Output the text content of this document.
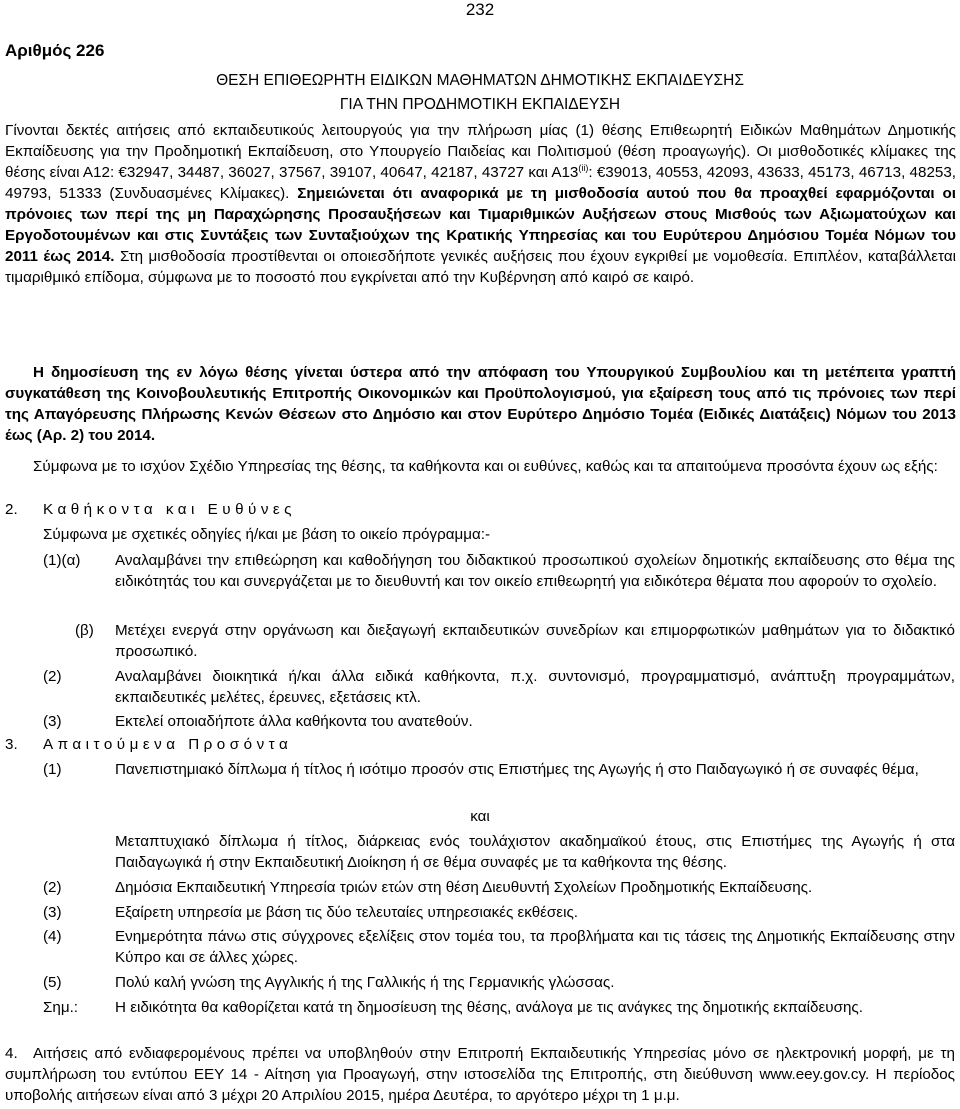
232
Αριθμός 226
ΘΕΣΗ ΕΠΙΘΕΩΡΗΤΗ ΕΙΔΙΚΩΝ ΜΑΘΗΜΑΤΩΝ ΔΗΜΟΤΙΚΗΣ ΕΚΠΑΙΔΕΥΣΗΣ
ΓΙΑ ΤΗΝ ΠΡΟΔΗΜΟΤΙΚΗ ΕΚΠΑΙΔΕΥΣΗ
Γίνονται δεκτές αιτήσεις από εκπαιδευτικούς λειτουργούς για την πλήρωση μίας (1) θέσης Επιθεωρητή Ειδικών Μαθημάτων Δημοτικής Εκπαίδευσης για την Προδημοτική Εκπαίδευση, στο Υπουργείο Παιδείας και Πολιτισμού (θέση προαγωγής). Οι μισθοδοτικές κλίμακες της θέσης είναι Α12: €32947, 34487, 36027, 37567, 39107, 40647, 42187, 43727 και Α13$^{(ii)}$: €39013, 40553, 42093, 43633, 45173, 46713, 48253, 49793, 51333 (Συνδυασμένες Κλίμακες). Σημειώνεται ότι αναφορικά με τη μισθοδοσία αυτού που θα προαχθεί εφαρμόζονται οι πρόνοιες των περί της μη Παραχώρησης Προσαυξήσεων και Τιμαριθμικών Αυξήσεων στους Μισθούς των Αξιωματούχων και Εργοδοτουμένων και στις Συντάξεις των Συνταξιούχων της Κρατικής Υπηρεσίας και του Ευρύτερου Δημόσιου Τομέα Νόμων του 2011 έως 2014. Στη μισθοδοσία προστίθενται οι οποιεσδήποτε γενικές αυξήσεις που έχουν εγκριθεί με νομοθεσία. Επιπλέον, καταβάλλεται τιμαριθμικό επίδομα, σύμφωνα με το ποσοστό που εγκρίνεται από την Κυβέρνηση από καιρό σε καιρό.
Η δημοσίευση της εν λόγω θέσης γίνεται ύστερα από την απόφαση του Υπουργικού Συμβουλίου και τη μετέπειτα γραπτή συγκατάθεση της Κοινοβουλευτικής Επιτροπής Οικονομικών και Προϋπολογισμού, για εξαίρεση τους από τις πρόνοιες των περί της Απαγόρευσης Πλήρωσης Κενών Θέσεων στο Δημόσιο και στον Ευρύτερο Δημόσιο Τομέα (Ειδικές Διατάξεις) Νόμων του 2013 έως (Αρ. 2) του 2014.
Σύμφωνα με το ισχύον Σχέδιο Υπηρεσίας της θέσης, τα καθήκοντα και οι ευθύνες, καθώς και τα απαιτούμενα προσόντα έχουν ως εξής:
2. Καθήκοντα και Ευθύνες
Σύμφωνα με σχετικές οδηγίες ή/και με βάση το οικείο πρόγραμμα:-
(1)(α) Αναλαμβάνει την επιθεώρηση και καθοδήγηση του διδακτικού προσωπικού σχολείων δημοτικής εκπαίδευσης στο θέμα της ειδικότητάς του και συνεργάζεται με το διευθυντή και τον οικείο επιθεωρητή για ειδικότερα θέματα που αφορούν το σχολείο.
(β) Μετέχει ενεργά στην οργάνωση και διεξαγωγή εκπαιδευτικών συνεδρίων και επιμορφωτικών μαθημάτων για το διδακτικό προσωπικό.
(2)	Αναλαμβάνει διοικητικά ή/και άλλα ειδικά καθήκοντα, π.χ. συντονισμό, προγραμματισμό, ανάπτυξη προγραμμάτων, εκπαιδευτικές μελέτες, έρευνες, εξετάσεις κτλ.
(3)	Εκτελεί οποιαδήποτε άλλα καθήκοντα του ανατεθούν.
3. Απαιτούμενα Προσόντα
(1)	Πανεπιστημιακό δίπλωμα ή τίτλος ή ισότιμο προσόν στις Επιστήμες της Αγωγής ή στο Παιδαγωγικό ή σε συναφές θέμα,
και
Μεταπτυχιακό δίπλωμα ή τίτλος, διάρκειας ενός τουλάχιστον ακαδημαϊκού έτους, στις Επιστήμες της Αγωγής ή στα Παιδαγωγικά ή στην Εκπαιδευτική Διοίκηση ή σε θέμα συναφές με τα καθήκοντα της θέσης.
(2)	Δημόσια Εκπαιδευτική Υπηρεσία τριών ετών στη θέση Διευθυντή Σχολείων Προδημοτικής Εκπαίδευσης.
(3)	Εξαίρετη υπηρεσία με βάση τις δύο τελευταίες υπηρεσιακές εκθέσεις.
(4)	Ενημερότητα πάνω στις σύγχρονες εξελίξεις στον τομέα του, τα προβλήματα και τις τάσεις της Δημοτικής Εκπαίδευσης στην Κύπρο και σε άλλες χώρες.
(5)	Πολύ καλή γνώση της Αγγλικής ή της Γαλλικής ή της Γερμανικής γλώσσας.
Σημ.: Η ειδικότητα θα καθορίζεται κατά τη δημοσίευση της θέσης, ανάλογα με τις ανάγκες της δημοτικής εκπαίδευσης.
4.	Αιτήσεις από ενδιαφερομένους πρέπει να υποβληθούν στην Επιτροπή Εκπαιδευτικής Υπηρεσίας μόνο σε ηλεκτρονική μορφή, με τη συμπλήρωση του εντύπου ΕΕΥ 14 - Αίτηση για Προαγωγή, στην ιστοσελίδα της Επιτροπής, στη διεύθυνση www.eey.gov.cy. Η περίοδος υποβολής αιτήσεων είναι από 3 μέχρι 20 Απριλίου 2015, ημέρα Δευτέρα, το αργότερο μέχρι τη 1 μ.μ.
